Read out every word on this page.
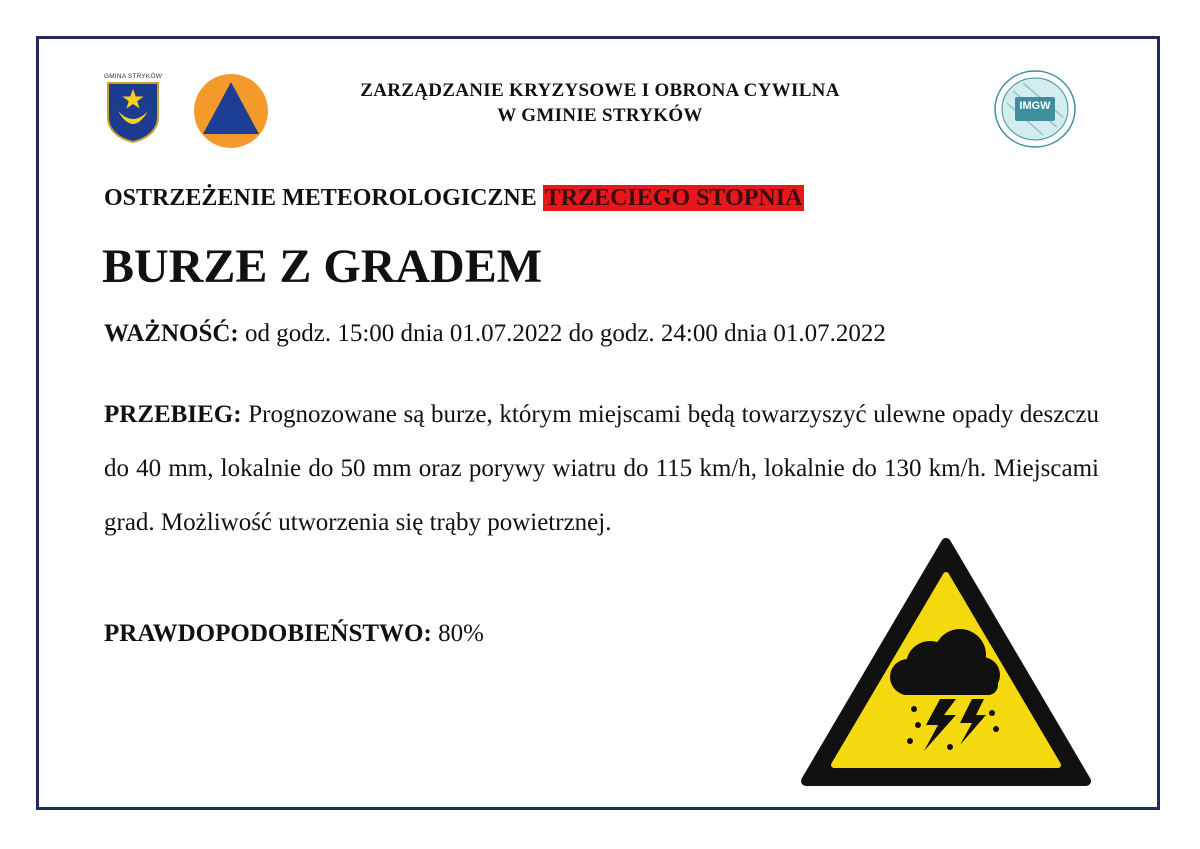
GMINA STRYKÓW
ZARZĄDZANIE KRYZYSOWE I OBRONA CYWILNA
W GMINIE STRYKÓW	IMGW
OSTRZEŻENIE METEOROLOGICZNE TRZECIEGO STOPNIA
BURZE Z GRADEM
WAŻNOŚĆ: od godz. 15:00 dnia 01.07.2022 do godz. 24:00 dnia 01.07.2022
PRZEBIEG: Prognozowane są burze, którym miejscami będą towarzyszyć ulewne opady deszczu do 40 mm, lokalnie do 50 mm oraz porywy wiatru do 115 km/h, lokalnie do 130 km/h. Miejscami grad. Możliwość utworzenia się trąby powietrznej.
PRAWDOPODOBIEŃSTWO: 80%
